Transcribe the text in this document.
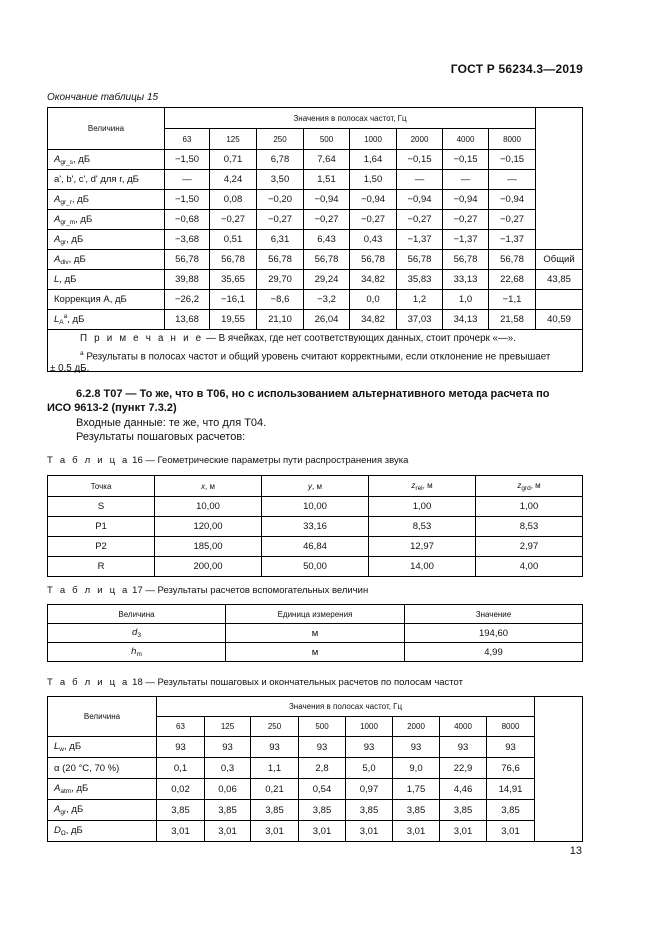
ГОСТ Р 56234.3—2019
Окончание таблицы 15
Величина	Значения в полосах частот, Гц								
	63	125	250	500	1000	2000	4000	8000	
$A_{gr\_s}$, дБ	−1,50	0,71	6,78	7,64	1,64	−0,15	−0,15	−0,15	
a', b', c', d' для r, дБ	—	4,24	3,50	1,51	1,50	—	—	—	
$A_{gr\_r}$, дБ	−1,50	0,08	−0,20	−0,94	−0,94	−0,94	−0,94	−0,94	
$A_{gr\_m}$, дБ	−0,68	−0,27	−0,27	−0,27	−0,27	−0,27	−0,27	−0,27	
$A_{gr}$, дБ	−3,68	0,51	6,31	6,43	0,43	−1,37	−1,37	−1,37	
$A_{div}$, дБ	56,78	56,78	56,78	56,78	56,78	56,78	56,78	56,78	Общий
L, дБ	39,88	35,65	29,70	29,24	34,82	35,83	33,13	22,68	43,85
Коррекция А, дБ	−26,2	−16,1	−8,6	−3,2	0,0	1,2	1,0	−1,1	
$L_A^a$, дБ	13,68	19,55	21,10	26,04	34,82	37,03	34,13	21,58	40,59

П р и м е ч а н и е — В ячейках, где нет соответствующих данных, стоит прочерк «—».
$^a$ Результаты в полосах частот и общий уровень считают корректными, если отклонение не превышает
± 0.5 дБ.
6.2.8 T07 — То же, что в T06, но с использованием альтернативного метода расчета по
ИСО 9613-2 (пункт 7.3.2)
Входные данные: те же, что для T04.
Результаты пошаговых расчетов:
Т а б л и ц а 16 — Геометрические параметры пути распространения звука
Точка	x, м	y, м	$z_{rel}$, м	$z_{grd}$, м
S	10,00	10,00	1,00	1,00
P1	120,00	33,16	8,53	8,53
P2	185,00	46,84	12,97	2,97
R	200,00	50,00	14,00	4,00
Т а б л и ц а 17 — Результаты расчетов вспомогательных величин
Величина	Единица измерения	Значение
$d_3$	м	194,60
$h_m$	м	4,99
Т а б л и ц а 18 — Результаты пошаговых и окончательных расчетов по полосам частот
Величина	Значения в полосах частот, Гц								
	63	125	250	500	1000	2000	4000	8000	
$L_w$, дБ	93	93	93	93	93	93	93	93	
α (20 °С, 70 %)	0,1	0,3	1,1	2,8	5,0	9,0	22,9	76,6	
$A_{atm}$, дБ	0,02	0,06	0,21	0,54	0,97	1,75	4,46	14,91	
$A_{gr}$, дБ	3,85	3,85	3,85	3,85	3,85	3,85	3,85	3,85	
$D_\Omega$, дБ	3,01	3,01	3,01	3,01	3,01	3,01	3,01	3,01	
13
